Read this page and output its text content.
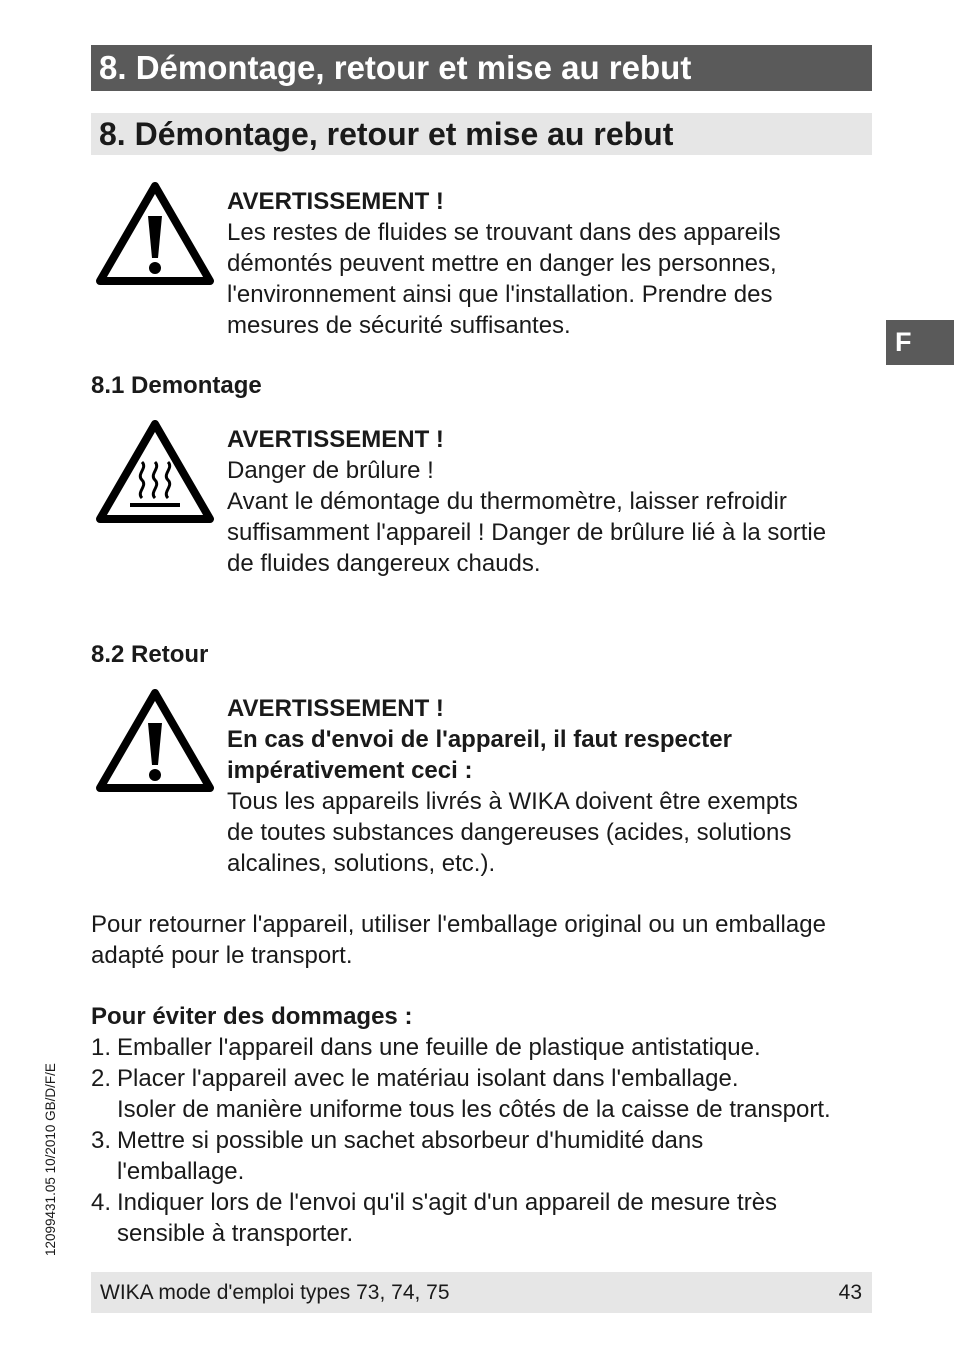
8. Démontage, retour et mise au rebut
8. Démontage, retour et mise au rebut
F
AVERTISSEMENT !
Les restes de fluides se trouvant dans des appareils
démontés peuvent mettre en danger les personnes,
l'environnement ainsi que l'installation. Prendre des
mesures de sécurité suffisantes.
8.1 Demontage
AVERTISSEMENT !
Danger de brûlure !
Avant le démontage du thermomètre, laisser refroidir
suffisamment l'appareil ! Danger de brûlure lié à la sortie
de fluides dangereux chauds.
8.2 Retour
AVERTISSEMENT !
En cas d'envoi de l'appareil, il faut respecter
impérativement ceci :
Tous les appareils livrés à WIKA doivent être exempts
de toutes substances dangereuses (acides, solutions
alcalines, solutions, etc.).
Pour retourner l'appareil, utiliser l'emballage original ou un emballage
adapté pour le transport.
Pour éviter des dommages :
1. Emballer l'appareil dans une feuille de plastique antistatique.
2. Placer l'appareil avec le matériau isolant dans l'emballage.
Isoler de manière uniforme tous les côtés de la caisse de transport.
3. Mettre si possible un sachet absorbeur d'humidité dans
l'emballage.
4. Indiquer lors de l'envoi qu'il s'agit d'un appareil de mesure très
sensible à transporter.
12099431.05 10/2010 GB/D/F/E
WIKA mode d'emploi types 73, 74, 75	43
